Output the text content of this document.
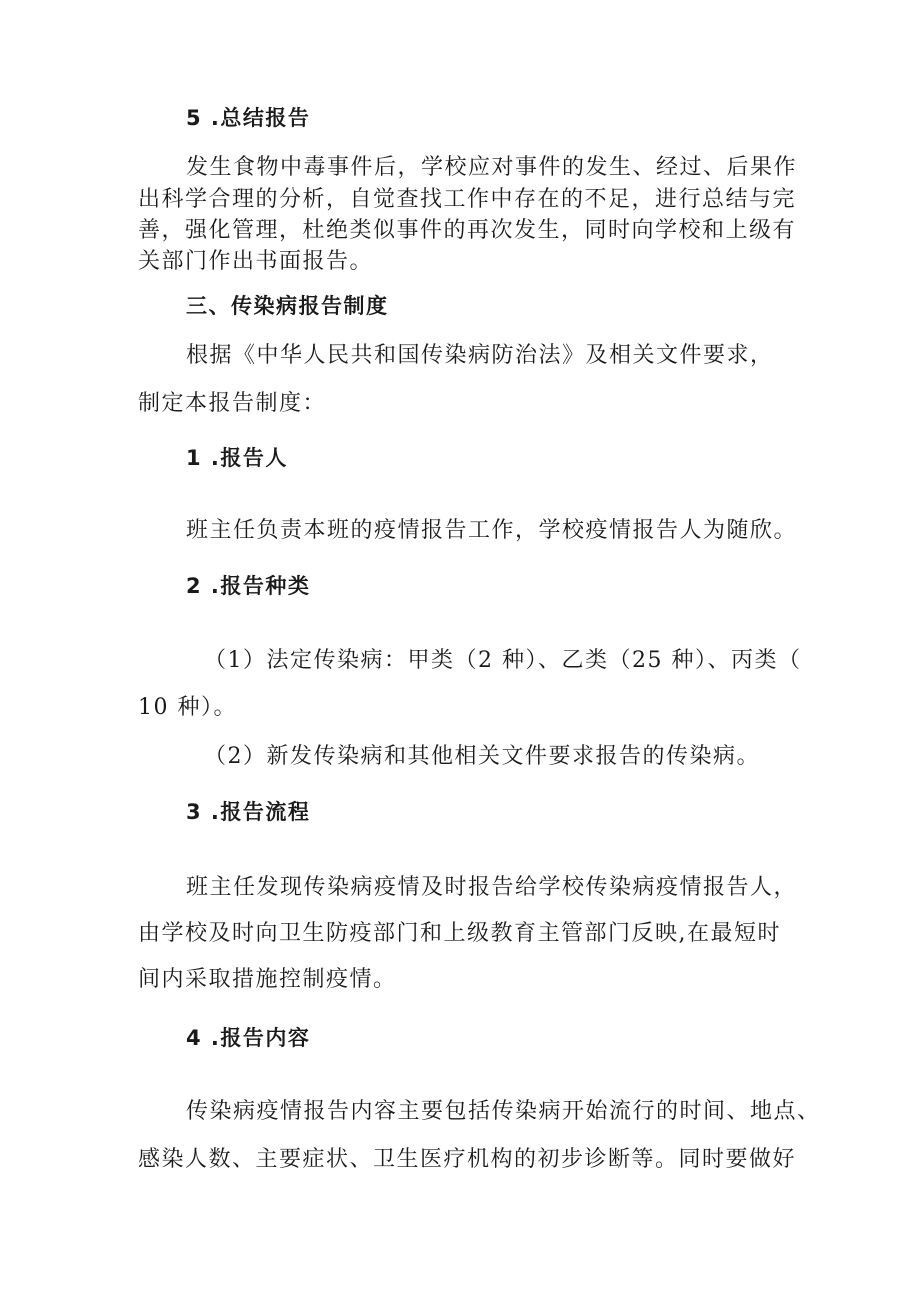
5 .总结报告
发生食物中毒事件后，学校应对事件的发生、经过、后果作
出科学合理的分析，自觉查找工作中存在的不足，进行总结与完
善，强化管理，杜绝类似事件的再次发生，同时向学校和上级有
关部门作出书面报告。
三、传染病报告制度
根据《中华人民共和国传染病防治法》及相关文件要求，
制定本报告制度：
1 .报告人
班主任负责本班的疫情报告工作，学校疫情报告人为随欣。
2 .报告种类
（1）法定传染病：甲类（2 种）、乙类（25 种）、丙类（
10 种）。
（2）新发传染病和其他相关文件要求报告的传染病。
3 .报告流程
班主任发现传染病疫情及时报告给学校传染病疫情报告人，
由学校及时向卫生防疫部门和上级教育主管部门反映,在最短时
间内采取措施控制疫情。
4 .报告内容
传染病疫情报告内容主要包括传染病开始流行的时间、地点、
感染人数、主要症状、卫生医疗机构的初步诊断等。同时要做好
